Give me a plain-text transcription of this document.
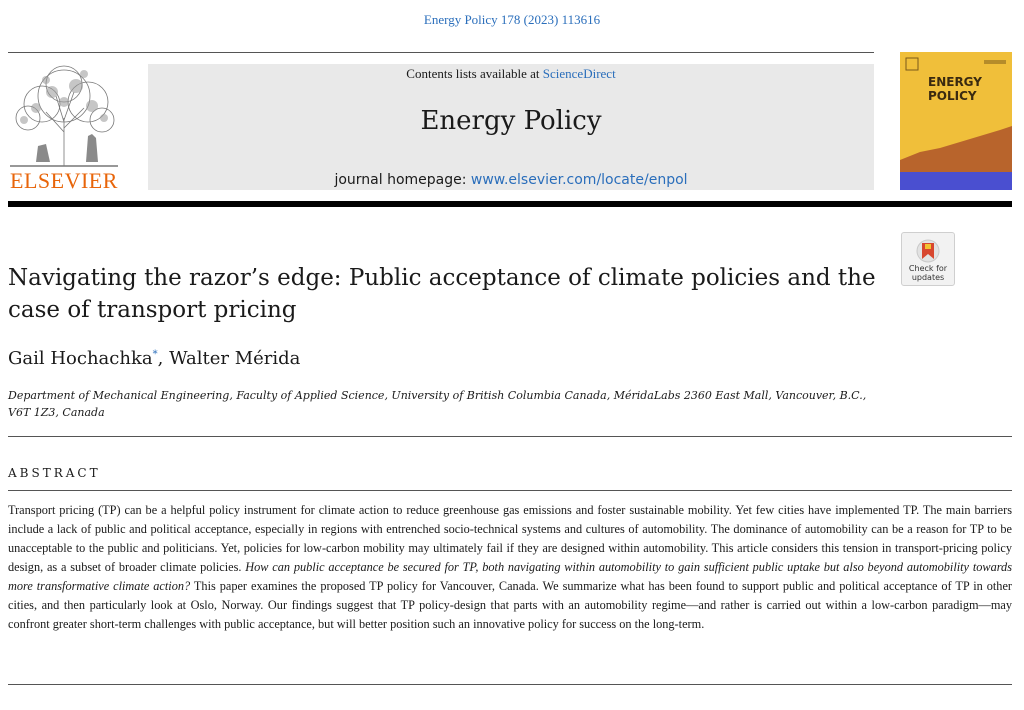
Energy Policy 178 (2023) 113616
ELSEVIER
Contents lists available at ScienceDirect
Energy Policy
journal homepage: www.elsevier.com/locate/enpol
ENERGY
POLICY
Check for
updates
Navigating the razor’s edge: Public acceptance of climate policies and the case of transport pricing
Gail Hochachka*, Walter Mérida
Department of Mechanical Engineering, Faculty of Applied Science, University of British Columbia Canada, MéridaLabs 2360 East Mall, Vancouver, B.C., V6T 1Z3, Canada
ABSTRACT

Transport pricing (TP) can be a helpful policy instrument for climate action to reduce greenhouse gas emissions and foster sustainable mobility. Yet few cities have implemented TP. The main barriers include a lack of public and political acceptance, especially in regions with entrenched socio-technical systems and cultures of automobility. The dominance of automobility can be a reason for TP to be unacceptable to the public and politicians. Yet, policies for low-carbon mobility may ultimately fail if they are designed within automobility. This article considers this tension in transport-pricing policy design, as a subset of broader climate policies. How can public acceptance be secured for TP, both navigating within automobility to gain sufficient public uptake but also beyond automobility towards more transformative climate action? This paper examines the proposed TP policy for Vancouver, Canada. We summarize what has been found to support public and political acceptance of TP in other cities, and then particularly look at Oslo, Norway. Our findings suggest that TP policy-design that parts with an automobility regime—and rather is carried out within a low-carbon paradigm—may confront greater short-term challenges with public acceptance, but will better position such an innovative policy for success on the long-term.
